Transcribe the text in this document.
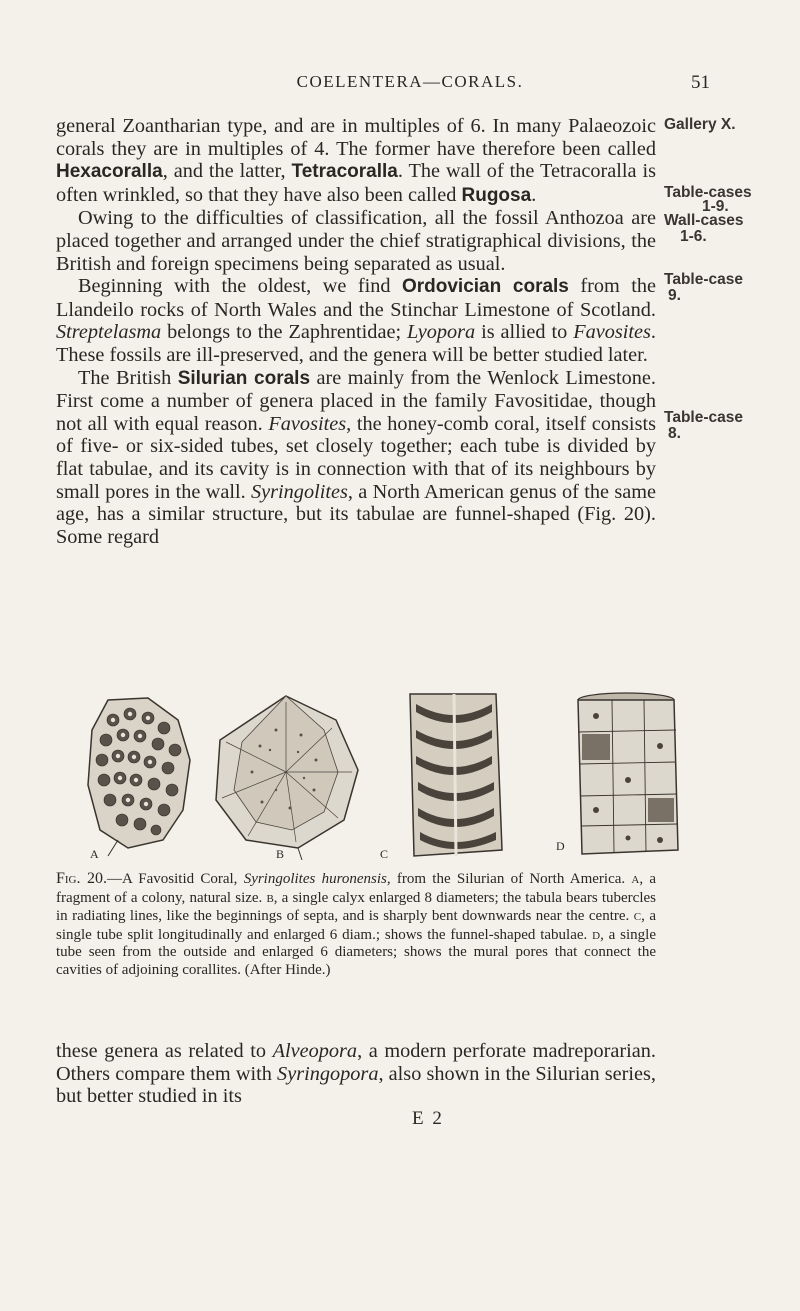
COELENTERA—CORALS.	51

general Zoantharian type, and are in multiples of 6. In many Palaeozoic corals they are in multiples of 4. The former have therefore been called Hexacoralla, and the latter, Tetracoralla. The wall of the Tetracoralla is often wrinkled, so that they have also been called Rugosa.

Owing to the difficulties of classification, all the fossil Anthozoa are placed together and arranged under the chief stratigraphical divisions, the British and foreign specimens being separated as usual.

Beginning with the oldest, we find Ordovician corals from the Llandeilo rocks of North Wales and the Stinchar Limestone of Scotland. Streptelasma belongs to the Zaphrentidae; Lyopora is allied to Favosites. These fossils are ill-preserved, and the genera will be better studied later.

The British Silurian corals are mainly from the Wenlock Limestone. First come a number of genera placed in the family Favositidae, though not all with equal reason. Favosites, the honey-comb coral, itself consists of five- or six-sided tubes, set closely together; each tube is divided by flat tabulae, and its cavity is in connection with that of its neighbours by small pores in the wall. Syringolites, a North American genus of the same age, has a similar structure, but its tabulae are funnel-shaped (Fig. 20). Some regard

Gallery X.
Table-cases
1-9.
Wall-cases
1-6.
Table-case
9.
Table-case
8.
A	B	C
D
Fig. 20.—A Favositid Coral, Syringolites huronensis, from the Silurian of North America. a, a fragment of a colony, natural size. b, a single calyx enlarged 8 diameters; the tabula bears tubercles in radiating lines, like the beginnings of septa, and is sharply bent downwards near the centre. c, a single tube split longitudinally and enlarged 6 diam.; shows the funnel-shaped tabulae. d, a single tube seen from the outside and enlarged 6 diameters; shows the mural pores that connect the cavities of adjoining corallites. (After Hinde.)

these genera as related to Alveopora, a modern perforate madreporarian. Others compare them with Syringopora, also shown in the Silurian series, but better studied in its

E 2
